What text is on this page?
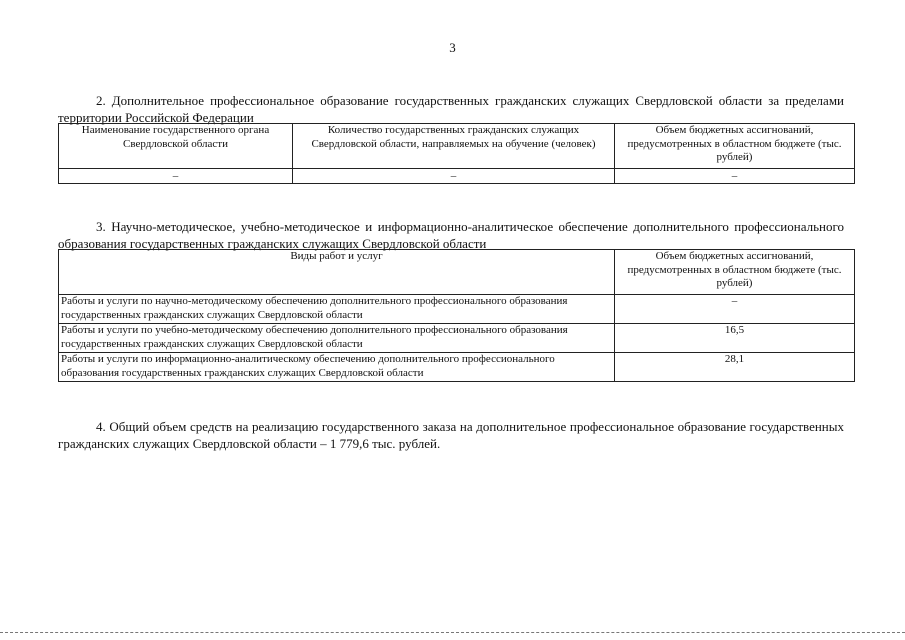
3

2. Дополнительное профессиональное образование государственных гражданских служащих Свердловской области за пределами территории Российской Федерации

Наименование государственного органа Свердловской области	Количество государственных гражданских служащих Свердловской области, направляемых на обучение (человек)	Объем бюджетных ассигнований, предусмотренных в областном бюджете (тыс. рублей)
–	–	–

3. Научно-методическое, учебно-методическое и информационно-аналитическое обеспечение дополнительного профессионального образования государственных гражданских служащих Свердловской области

Виды работ и услуг	Объем бюджетных ассигнований, предусмотренных в областном бюджете (тыс. рублей)
Работы и услуги по научно-методическому обеспечению дополнительного профессионального образования государственных гражданских служащих Свердловской области	–
Работы и услуги по учебно-методическому обеспечению дополнительного профессионального образования государственных гражданских служащих Свердловской области	16,5
Работы и услуги по информационно-аналитическому обеспечению дополнительного профессионального образования государственных гражданских служащих Свердловской области	28,1

4. Общий объем средств на реализацию государственного заказа на дополнительное профессиональное образование государственных гражданских служащих Свердловской области – 1 779,6 тыс. рублей.
